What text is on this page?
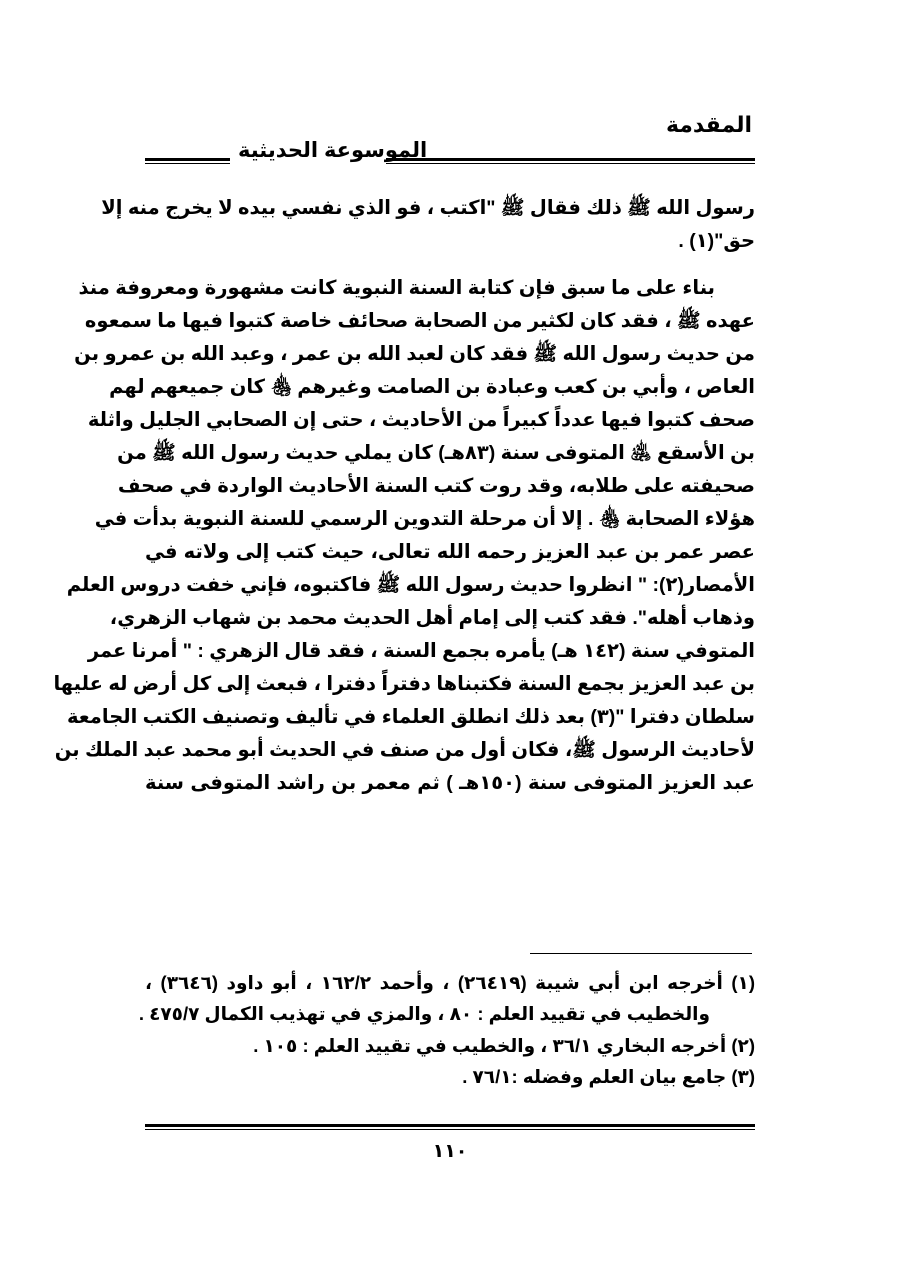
المقدمة
الموسوعة الحديثية
رسول الله ﷺ ذلك فقال ﷺ "اكتب ، فو الذي نفسي بيده لا يخرج منه إلا
حق"(١) .
بناء على ما سبق فإن كتابة السنة النبوية كانت مشهورة ومعروفة منذ
عهده ﷺ ، فقد كان لكثير من الصحابة صحائف خاصة كتبوا فيها ما سمعوه
من حديث رسول الله ﷺ فقد كان لعبد الله بن عمر ، وعبد الله بن عمرو بن
العاص ، وأبي بن كعب وعبادة بن الصامت وغيرهم ﵃ كان جميعهم لهم
صحف كتبوا فيها عدداً كبيراً من الأحاديث ، حتى إن الصحابي الجليل واثلة
بن الأسقع ﵁ المتوفى سنة (٨٣هـ) كان يملي حديث رسول الله ﷺ من
صحيفته على طلابه، وقد روت كتب السنة الأحاديث الواردة في صحف
هؤلاء الصحابة ﵃ . إلا أن مرحلة التدوين الرسمي للسنة النبوية بدأت في
عصر عمر بن عبد العزيز رحمه الله تعالى، حيث كتب إلى ولاته في
الأمصار(٢): " انظروا حديث رسول الله ﷺ فاكتبوه، فإني خفت دروس العلم
وذهاب أهله". فقد كتب إلى إمام أهل الحديث محمد بن شهاب الزهري،
المتوفي سنة (١٤٢ هـ) يأمره بجمع السنة ، فقد قال الزهري : " أمرنا عمر
بن عبد العزيز بجمع السنة فكتبناها دفتراً دفترا ، فبعث إلى كل أرض له عليها
سلطان دفترا "(٣) بعد ذلك انطلق العلماء في تأليف وتصنيف الكتب الجامعة
لأحاديث الرسول ﷺ، فكان أول من صنف في الحديث أبو محمد عبد الملك بن
عبد العزيز المتوفى سنة (١٥٠هـ ) ثم معمر بن راشد المتوفى سنة
(١) أخرجه ابن أبي شيبة (٢٦٤١٩) ، وأحمد ١٦٢/٢ ، أبو داود (٣٦٤٦) ،
والخطيب في تقييد العلم : ٨٠ ، والمزي في تهذيب الكمال ٤٧٥/٧ .
(٢) أخرجه البخاري ٣٦/١ ، والخطيب في تقييد العلم : ١٠٥ .
(٣) جامع بيان العلم وفضله :٧٦/١ .
١١٠
